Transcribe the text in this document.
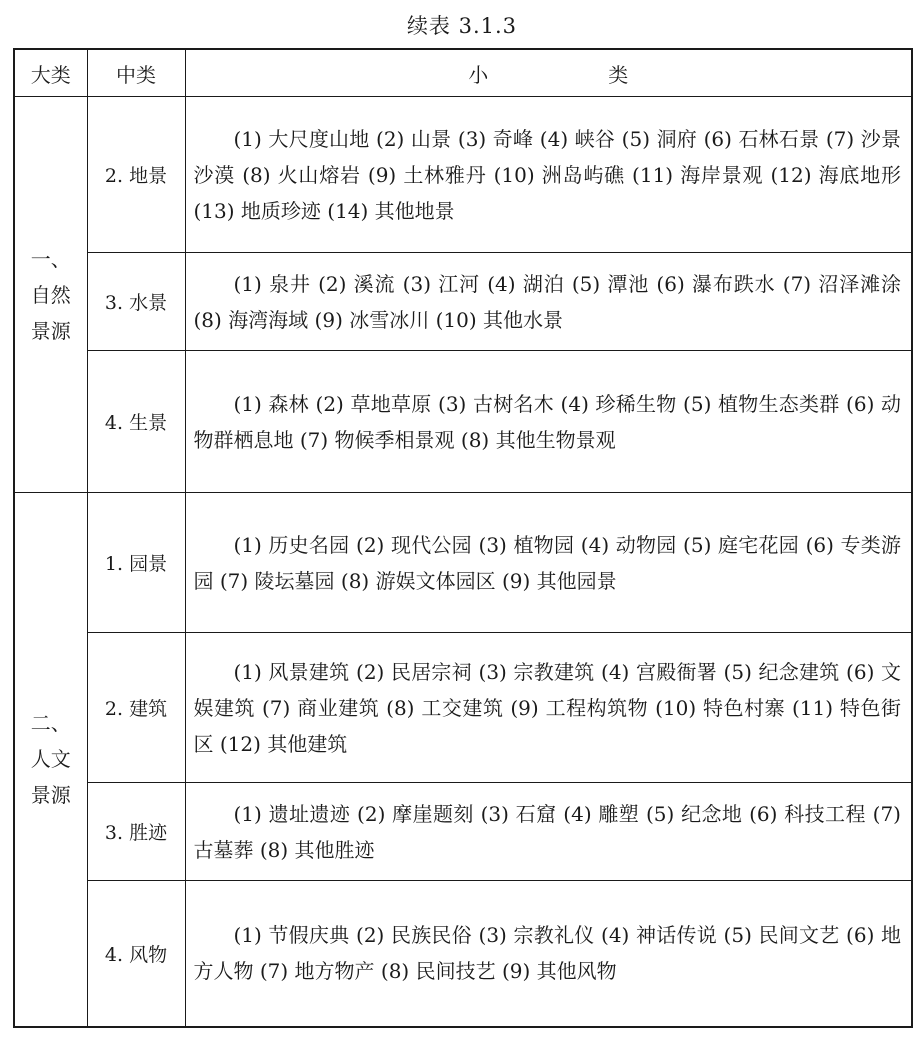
续表 3.1.3
大类	中类	小　类

一、
自然
景源	2. 地景	(1) 大尺度山地 (2) 山景 (3) 奇峰 (4) 峡谷 (5) 洞府 (6) 石林石景 (7) 沙景沙漠 (8) 火山熔岩 (9) 土林雅丹 (10) 洲岛屿礁 (11) 海岸景观 (12) 海底地形 (13) 地质珍迹 (14) 其他地景
	3. 水景	(1) 泉井 (2) 溪流 (3) 江河 (4) 湖泊 (5) 潭池 (6) 瀑布跌水 (7) 沼泽滩涂 (8) 海湾海域 (9) 冰雪冰川 (10) 其他水景
	4. 生景	(1) 森林 (2) 草地草原 (3) 古树名木 (4) 珍稀生物 (5) 植物生态类群 (6) 动物群栖息地 (7) 物候季相景观 (8) 其他生物景观

二、
人文
景源	1. 园景	(1) 历史名园 (2) 现代公园 (3) 植物园 (4) 动物园 (5) 庭宅花园 (6) 专类游园 (7) 陵坛墓园 (8) 游娱文体园区 (9) 其他园景
	2. 建筑	(1) 风景建筑 (2) 民居宗祠 (3) 宗教建筑 (4) 宫殿衙署 (5) 纪念建筑 (6) 文娱建筑 (7) 商业建筑 (8) 工交建筑 (9) 工程构筑物 (10) 特色村寨 (11) 特色街区 (12) 其他建筑
	3. 胜迹	(1) 遗址遗迹 (2) 摩崖题刻 (3) 石窟 (4) 雕塑 (5) 纪念地 (6) 科技工程 (7) 古墓葬 (8) 其他胜迹
	4. 风物	(1) 节假庆典 (2) 民族民俗 (3) 宗教礼仪 (4) 神话传说 (5) 民间文艺 (6) 地方人物 (7) 地方物产 (8) 民间技艺 (9) 其他风物
